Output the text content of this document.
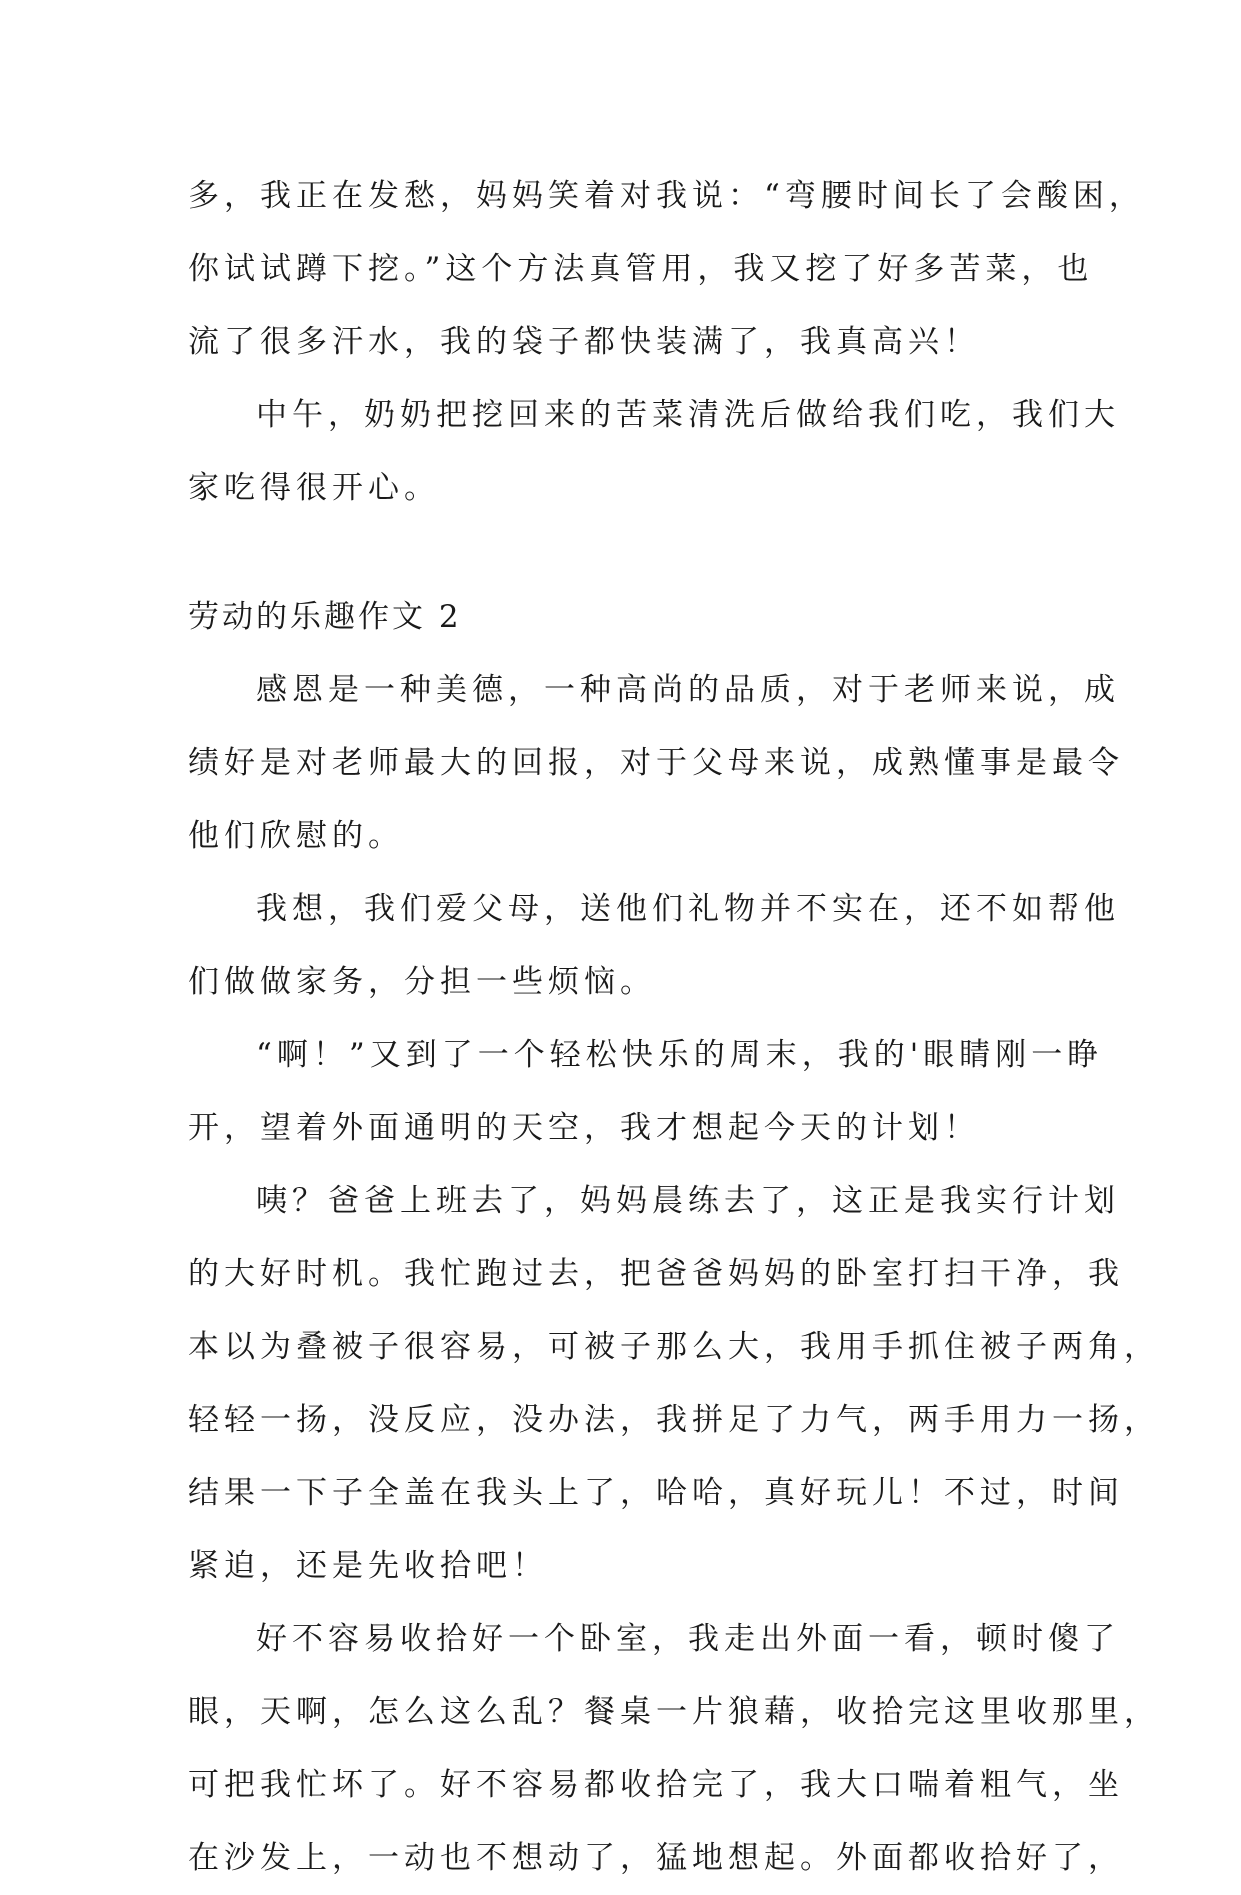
多，我正在发愁，妈妈笑着对我说：“弯腰时间长了会酸困，
你试试蹲下挖。”这个方法真管用，我又挖了好多苦菜，也
流了很多汗水，我的袋子都快装满了，我真高兴！
中午，奶奶把挖回来的苦菜清洗后做给我们吃，我们大
家吃得很开心。
劳动的乐趣作文 2
感恩是一种美德，一种高尚的品质，对于老师来说，成
绩好是对老师最大的回报，对于父母来说，成熟懂事是最令
他们欣慰的。
我想，我们爱父母，送他们礼物并不实在，还不如帮他
们做做家务，分担一些烦恼。
“啊！”又到了一个轻松快乐的周末，我的'眼睛刚一睁
开，望着外面通明的天空，我才想起今天的计划！
咦？爸爸上班去了，妈妈晨练去了，这正是我实行计划
的大好时机。我忙跑过去，把爸爸妈妈的卧室打扫干净，我
本以为叠被子很容易，可被子那么大，我用手抓住被子两角，
轻轻一扬，没反应，没办法，我拼足了力气，两手用力一扬，
结果一下子全盖在我头上了，哈哈，真好玩儿！不过，时间
紧迫，还是先收拾吧！
好不容易收拾好一个卧室，我走出外面一看，顿时傻了
眼，天啊，怎么这么乱？餐桌一片狼藉，收拾完这里收那里，
可把我忙坏了。好不容易都收拾完了，我大口喘着粗气，坐
在沙发上，一动也不想动了，猛地想起。外面都收拾好了，
